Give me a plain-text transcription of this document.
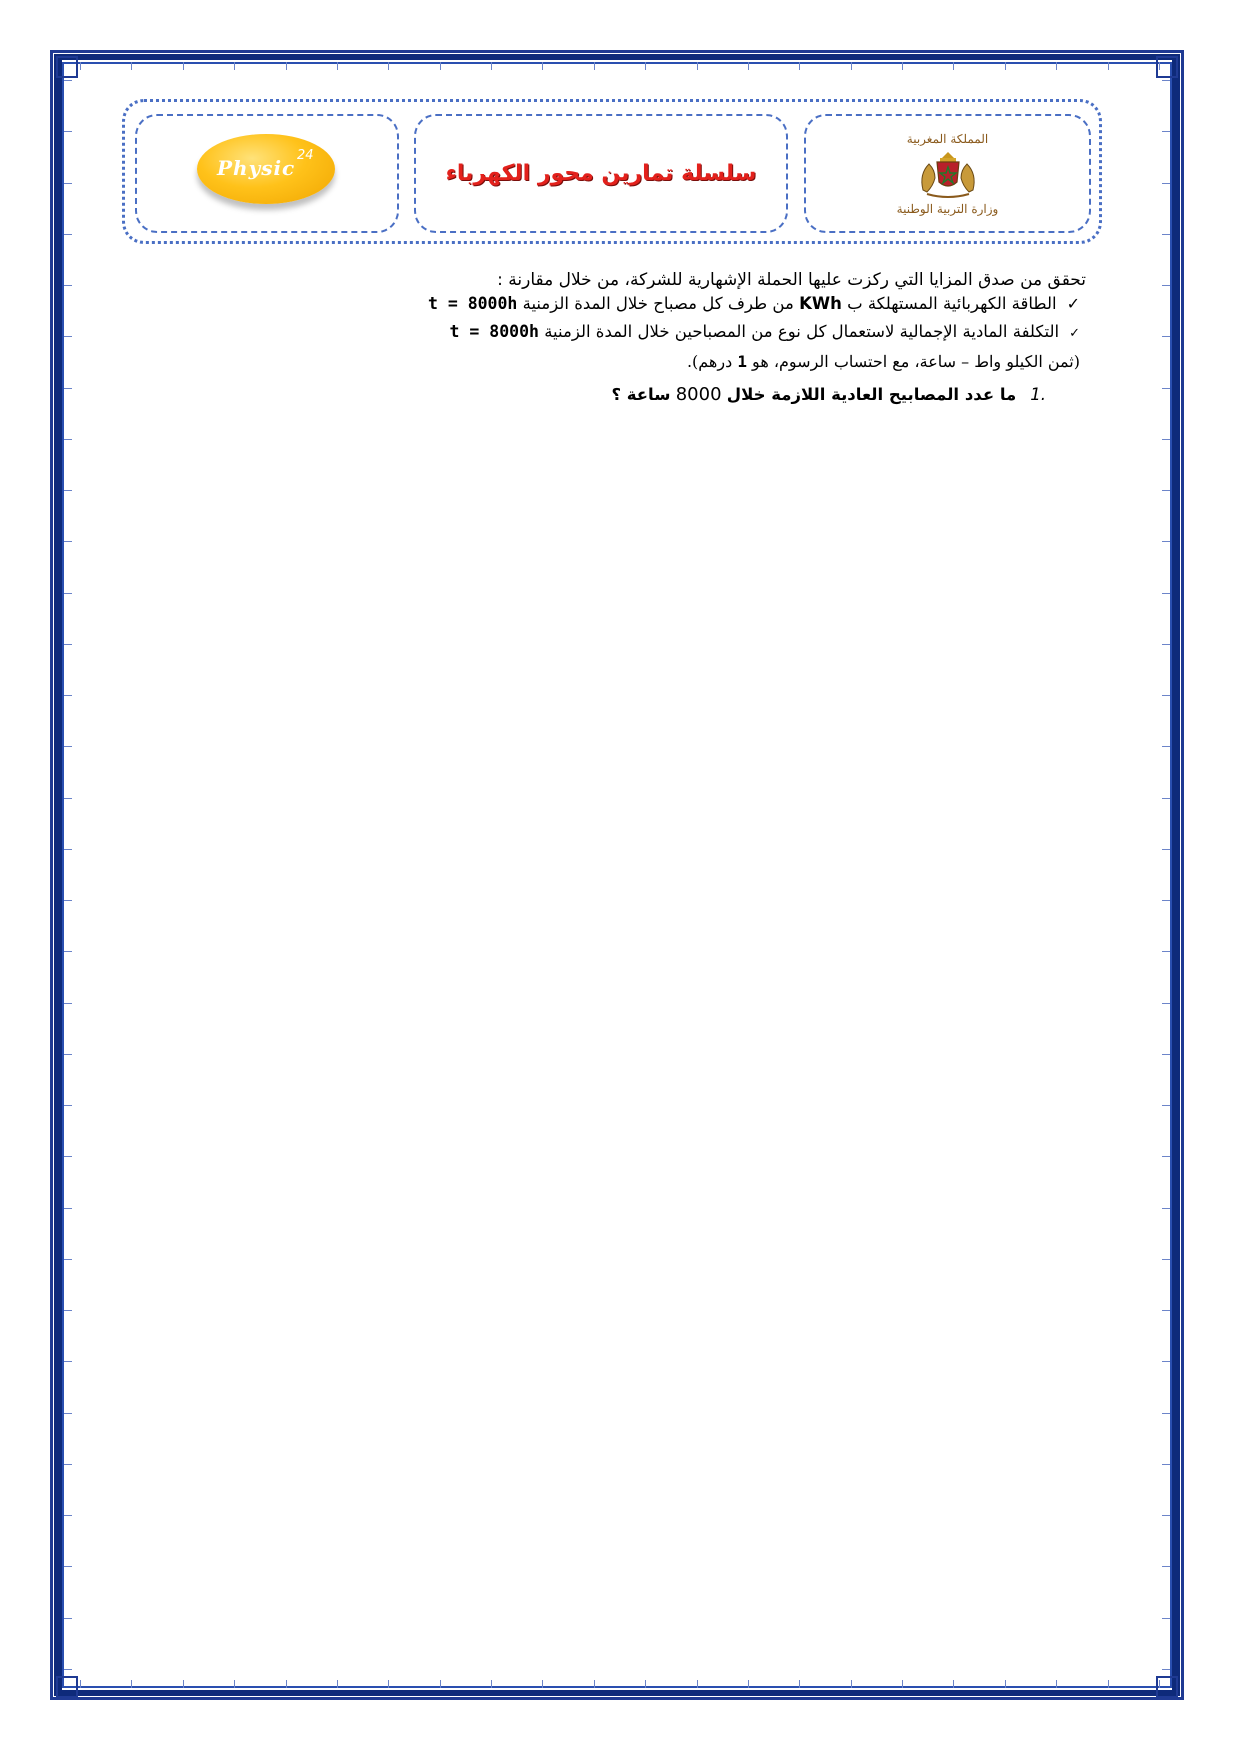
Physic
24
سلسلة تمارين محور الكهرباء
المملكة المغربية
وزارة التربية الوطنية
تحقق من صدق المزايا التي ركزت عليها الحملة الإشهارية للشركة، من خلال مقارنة :
✓الطاقة الكهربائية المستهلكة ب KWh من طرف كل مصباح خلال المدة الزمنية t = 8000h
✓التكلفة المادية الإجمالية لاستعمال كل نوع من المصباحين خلال المدة الزمنية t = 8000h
(ثمن الكيلو واط – ساعة، مع احتساب الرسوم، هو 1 درهم).
1.ما عدد المصابيح العادية اللازمة خلال 8000 ساعة ؟
